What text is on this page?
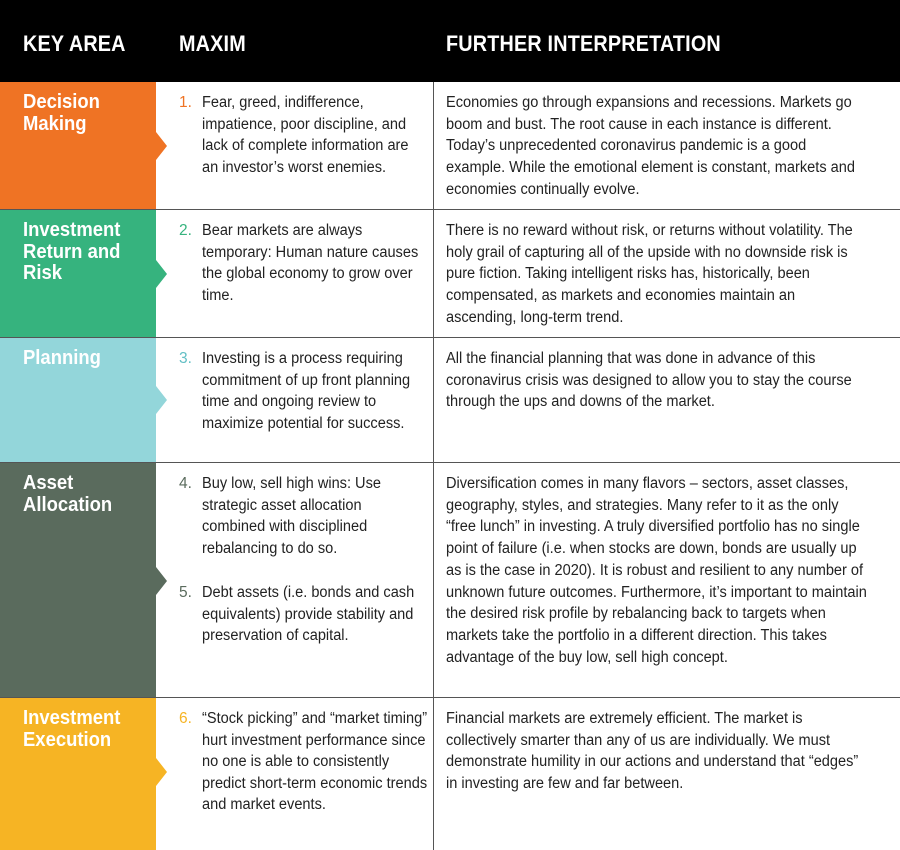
KEY AREA MAXIM	FURTHER INTERPRETATION
Decision
Making
1. Fear, greed, indifference, impatience, poor discipline, and lack of complete information are an investor’s worst enemies.
Economies go through expansions and recessions. Markets go boom and bust. The root cause in each instance is different. Today’s unprecedented coronavirus pandemic is a good example. While the emotional element is constant, markets and economies continually evolve.
Investment
Return and
Risk
2. Bear markets are always temporary: Human nature causes the global economy to grow over time.
There is no reward without risk, or returns without volatility. The holy grail of capturing all of the upside with no downside risk is pure fiction. Taking intelligent risks has, historically, been compensated, as markets and economies maintain an ascending, long-term trend.
Planning	3. Investing is a process requiring commitment of up front planning time and ongoing review to maximize potential for success.
All the financial planning that was done in advance of this coronavirus crisis was designed to allow you to stay the course through the ups and downs of the market.
Asset
Allocation
4. Buy low, sell high wins: Use strategic asset allocation combined with disciplined rebalancing to do so.
5. Debt assets (i.e. bonds and cash equivalents) provide stability and preservation of capital.
Diversification comes in many flavors – sectors, asset classes, geography, styles, and strategies. Many refer to it as the only “free lunch” in investing. A truly diversified portfolio has no single point of failure (i.e. when stocks are down, bonds are usually up as is the case in 2020). It is robust and resilient to any number of unknown future outcomes. Furthermore, it’s important to maintain the desired risk profile by rebalancing back to targets when markets take the portfolio in a different direction. This takes advantage of the buy low, sell high concept.
Investment
Execution
6. “Stock picking” and “market timing” hurt investment performance since no one is able to consistently predict short-term economic trends and market events.
Financial markets are extremely efficient. The market is collectively smarter than any of us are individually. We must demonstrate humility in our actions and understand that “edges” in investing are few and far between.
